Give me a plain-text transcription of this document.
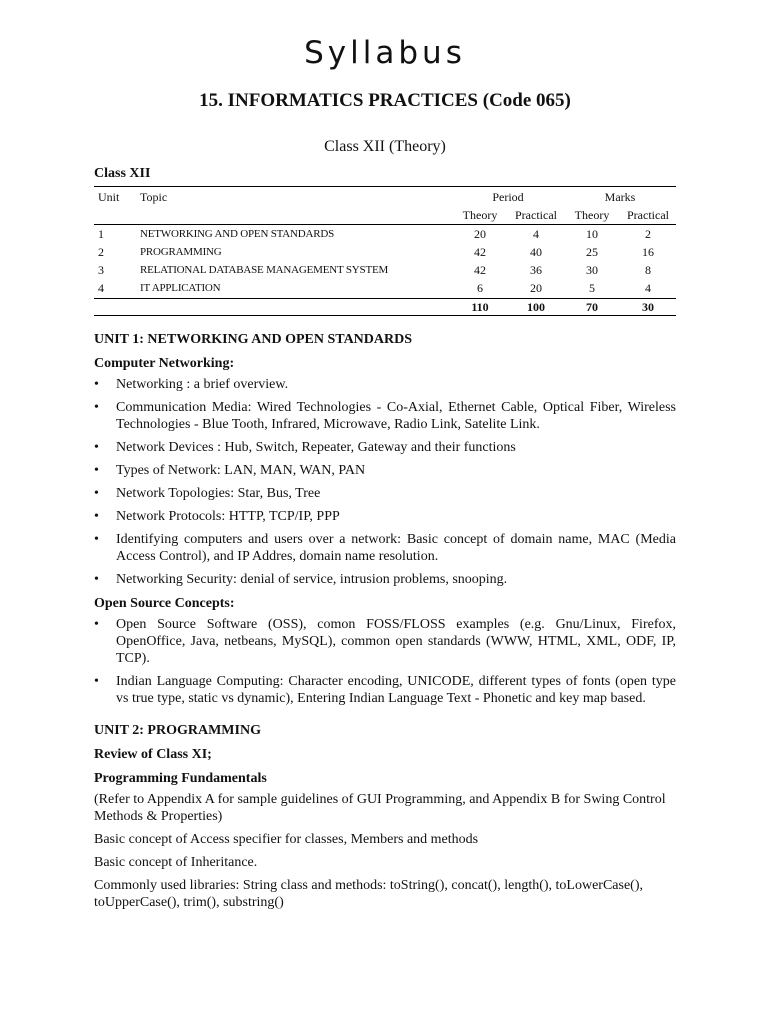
Syllabus
15. INFORMATICS PRACTICES (Code 065)
Class XII (Theory)
Class XII
Unit	Topic	Period		Marks	
		Theory	Practical	Theory	Practical
1	NETWORKING AND OPEN STANDARDS	20	4	10	2
2	PROGRAMMING	42	40	25	16
3	RELATIONAL DATABASE MANAGEMENT SYSTEM	42	36	30	8
4	IT APPLICATION	6	20	5	4
		110	100	70	30
UNIT 1: NETWORKING AND OPEN STANDARDS
Computer Networking:
• Networking : a brief overview.
• Communication Media: Wired Technologies - Co-Axial, Ethernet Cable, Optical Fiber, Wireless Technologies - Blue Tooth, Infrared, Microwave, Radio Link, Satelite Link.
• Network Devices : Hub, Switch, Repeater, Gateway and their functions
• Types of Network: LAN, MAN, WAN, PAN
• Network Topologies: Star, Bus, Tree
• Network Protocols: HTTP, TCP/IP, PPP
• Identifying computers and users over a network: Basic concept of domain name, MAC (Media Access Control), and IP Addres, domain name resolution.
• Networking Security: denial of service, intrusion problems, snooping.
Open Source Concepts:
• Open Source Software (OSS), comon FOSS/FLOSS examples (e.g. Gnu/Linux, Firefox, OpenOffice, Java, netbeans, MySQL), common open standards (WWW, HTML, XML, ODF, IP, TCP).
• Indian Language Computing: Character encoding, UNICODE, different types of fonts (open type vs true type, static vs dynamic), Entering Indian Language Text - Phonetic and key map based.
UNIT 2: PROGRAMMING
Review of Class XI;
Programming Fundamentals

(Refer to Appendix A for sample guidelines of GUI Programming, and Appendix B for Swing Control Methods & Properties)

Basic concept of Access specifier for classes, Members and methods

Basic concept of Inheritance.

Commonly used libraries: String class and methods: toString(), concat(), length(), toLowerCase(), toUpperCase(), trim(), substring()
